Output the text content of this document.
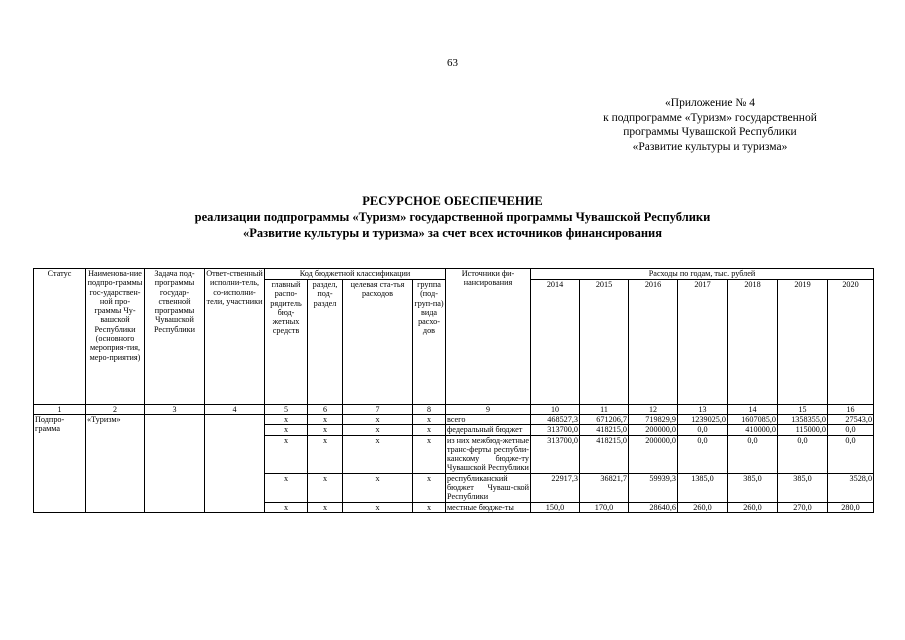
63
«Приложение № 4
к подпрограмме «Туризм» государственной
программы Чувашской Республики
«Развитие культуры и туризма»
РЕСУРСНОЕ ОБЕСПЕЧЕНИЕ
реализации подпрограммы «Туризм» государственной программы Чувашской Республики
«Развитие культуры и туризма» за счет всех источников финансирования
Статус	Наименова-ние подпро-граммы гос-ударствен-ной про-граммы Чу-вашской Республики (основного мероприя-тия, меро-приятия)	Задача под-программы государ-ственной программы Чувашской Республики	Ответ-ственный исполни-тель, со-исполни-тели, участники	Код бюджетной классификации				Источники фи-нансирования	Расходы по годам, тыс. рублей						
				главный распо-рядитель бюд-жетных средств	раздел, под-раздел	целевая ста-тья расходов	группа (под-груп-па) вида расхо-дов		2014	2015	2016	2017	2018	2019	2020
1	2	3	4	5	6	7	8	9	10	11	12	13	14	15	16
Подпро-грамма	«Туризм»			х	х	х	х	всего	468527,3	671206,7	719829,9	1239025,0	1607085,0	1358355,0	27543,0
				х	х	х	х	федеральный бюджет	313700,0	418215,0	200000,0	0,0	410000,0	115000,0	0,0
				х	х	х	х	из них межбюд-жетные транс-ферты республи-канскому бюдже-ту Чувашской Республики	313700,0	418215,0	200000,0	0,0	0,0	0,0	0,0
				х	х	х	х	республиканский бюджет Чуваш-ской Республики	22917,3	36821,7	59939,3	1385,0	385,0	385,0	3528,0
				х	х	х	х	местные бюдже-ты	150,0	170,0	28640,6	260,0	260,0	270,0	280,0
